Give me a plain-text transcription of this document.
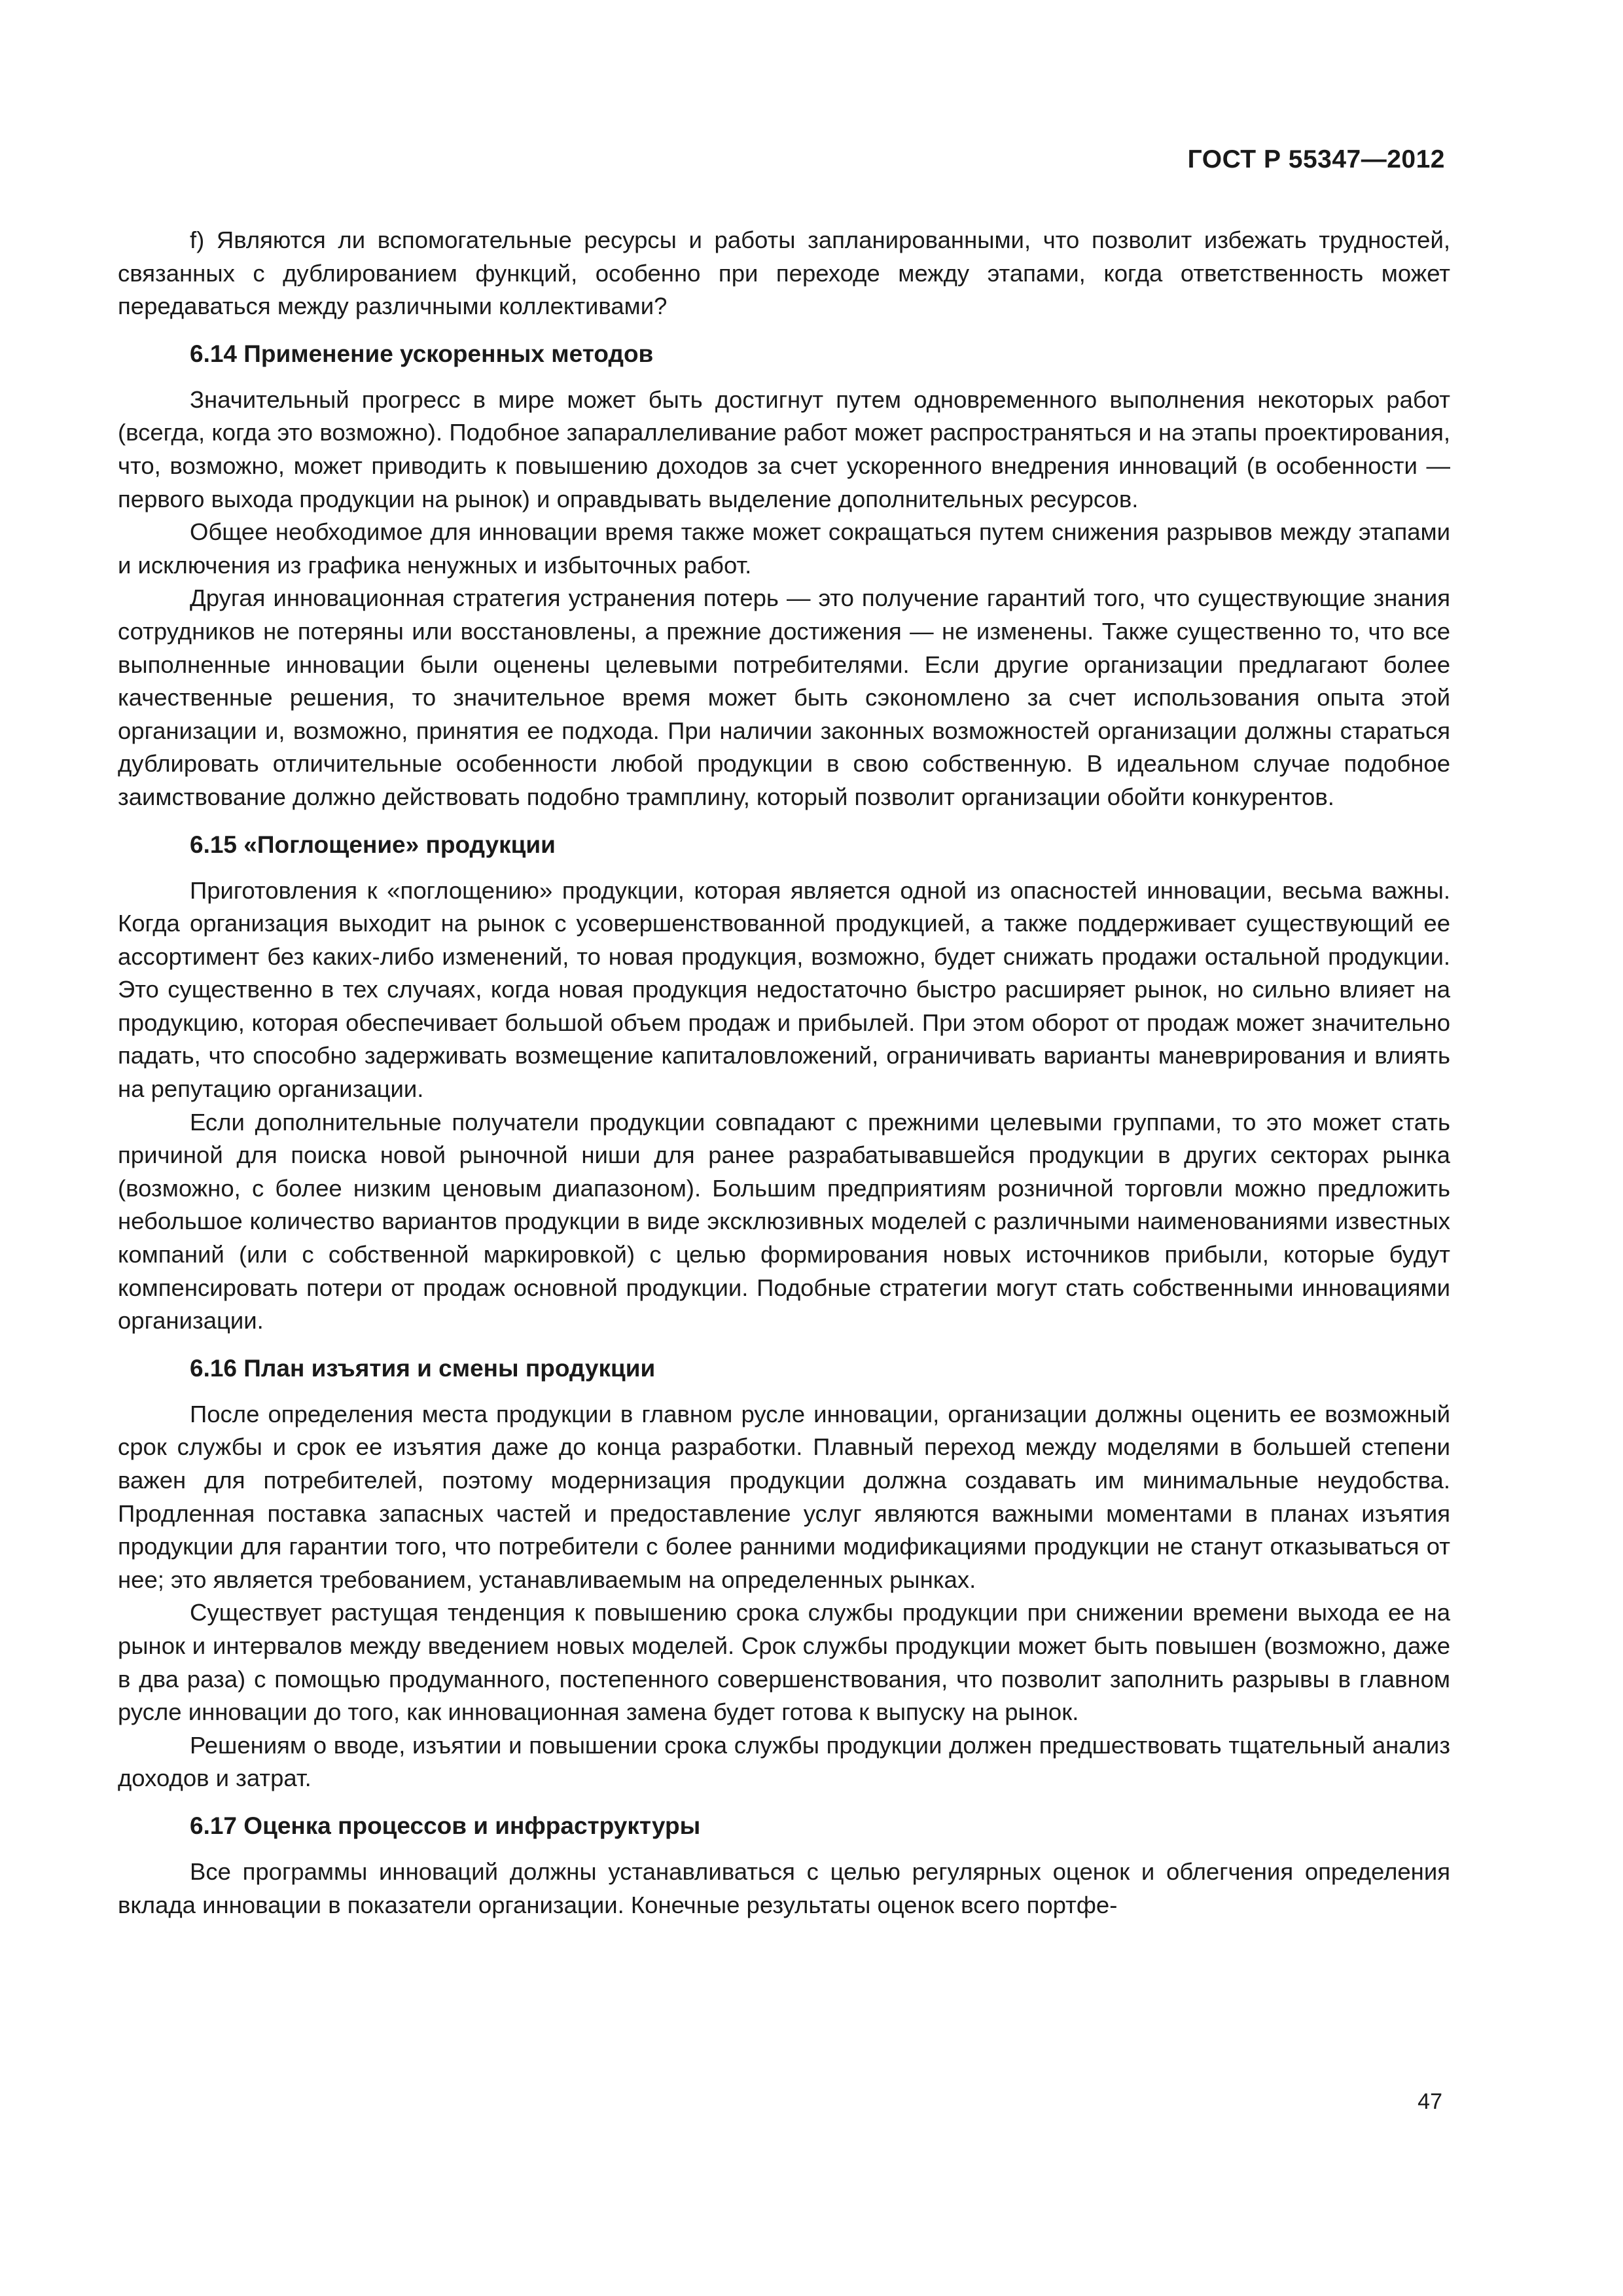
ГОСТ Р 55347—2012

f) Являются ли вспомогательные ресурсы и работы запланированными, что позволит избежать трудностей, связанных с дублированием функций, особенно при переходе между этапами, когда ответственность может передаваться между различными коллективами?

6.14 Применение ускоренных методов

Значительный прогресс в мире может быть достигнут путем одновременного выполнения некоторых работ (всегда, когда это возможно). Подобное запараллеливание работ может распространяться и на этапы проектирования, что, возможно, может приводить к повышению доходов за счет ускоренного внедрения инноваций (в особенности — первого выхода продукции на рынок) и оправдывать выделение дополнительных ресурсов.

Общее необходимое для инновации время также может сокращаться путем снижения разрывов между этапами и исключения из графика ненужных и избыточных работ.

Другая инновационная стратегия устранения потерь — это получение гарантий того, что существующие знания сотрудников не потеряны или восстановлены, а прежние достижения — не изменены. Также существенно то, что все выполненные инновации были оценены целевыми потребителями. Если другие организации предлагают более качественные решения, то значительное время может быть сэкономлено за счет использования опыта этой организации и, возможно, принятия ее подхода. При наличии законных возможностей организации должны стараться дублировать отличительные особенности любой продукции в свою собственную. В идеальном случае подобное заимствование должно действовать подобно трамплину, который позволит организации обойти конкурентов.

6.15 «Поглощение» продукции

Приготовления к «поглощению» продукции, которая является одной из опасностей инновации, весьма важны. Когда организация выходит на рынок с усовершенствованной продукцией, а также поддерживает существующий ее ассортимент без каких-либо изменений, то новая продукция, возможно, будет снижать продажи остальной продукции. Это существенно в тех случаях, когда новая продукция недостаточно быстро расширяет рынок, но сильно влияет на продукцию, которая обеспечивает большой объем продаж и прибылей. При этом оборот от продаж может значительно падать, что способно задерживать возмещение капиталовложений, ограничивать варианты маневрирования и влиять на репутацию организации.

Если дополнительные получатели продукции совпадают с прежними целевыми группами, то это может стать причиной для поиска новой рыночной ниши для ранее разрабатывавшейся продукции в других секторах рынка (возможно, с более низким ценовым диапазоном). Большим предприятиям розничной торговли можно предложить небольшое количество вариантов продукции в виде эксклюзивных моделей с различными наименованиями известных компаний (или с собственной маркировкой) с целью формирования новых источников прибыли, которые будут компенсировать потери от продаж основной продукции. Подобные стратегии могут стать собственными инновациями организации.

6.16 План изъятия и смены продукции

После определения места продукции в главном русле инновации, организации должны оценить ее возможный срок службы и срок ее изъятия даже до конца разработки. Плавный переход между моделями в большей степени важен для потребителей, поэтому модернизация продукции должна создавать им минимальные неудобства. Продленная поставка запасных частей и предоставление услуг являются важными моментами в планах изъятия продукции для гарантии того, что потребители с более ранними модификациями продукции не станут отказываться от нее; это является требованием, устанавливаемым на определенных рынках.

Существует растущая тенденция к повышению срока службы продукции при снижении времени выхода ее на рынок и интервалов между введением новых моделей. Срок службы продукции может быть повышен (возможно, даже в два раза) с помощью продуманного, постепенного совершенствования, что позволит заполнить разрывы в главном русле инновации до того, как инновационная замена будет готова к выпуску на рынок.

Решениям о вводе, изъятии и повышении срока службы продукции должен предшествовать тщательный анализ доходов и затрат.

6.17 Оценка процессов и инфраструктуры

Все программы инноваций должны устанавливаться с целью регулярных оценок и облегчения определения вклада инновации в показатели организации. Конечные результаты оценок всего портфе-

47
